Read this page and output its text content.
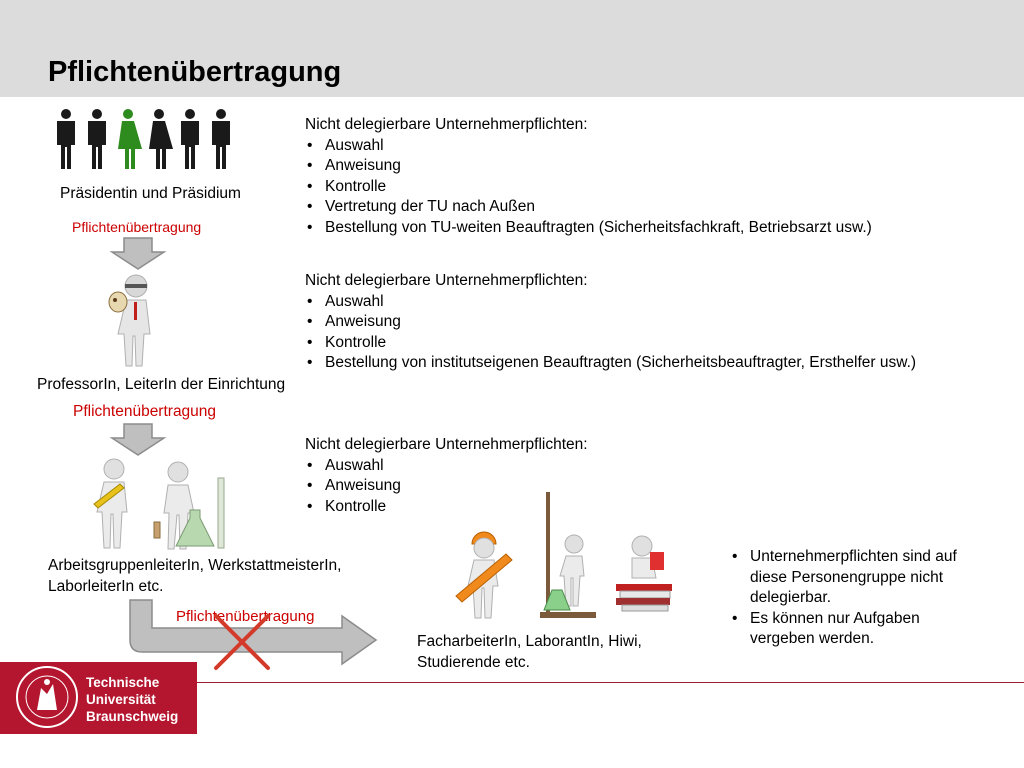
Pflichtenübertragung
Präsidentin und Präsidium
Pflichtenübertragung
Nicht delegierbare Unternehmerpflichten:
• Auswahl
• Anweisung
• Kontrolle
• Vertretung der TU nach Außen
• Bestellung von TU-weiten Beauftragten (Sicherheitsfachkraft, Betriebsarzt usw.)
Nicht delegierbare Unternehmerpflichten:
• Auswahl
• Anweisung
• Kontrolle
• Bestellung von institutseigenen Beauftragten (Sicherheitsbeauftragter, Ersthelfer usw.)
ProfessorIn, LeiterIn der Einrichtung
Pflichtenübertragung
Nicht delegierbare Unternehmerpflichten:
• Auswahl
• Anweisung
• Kontrolle
ArbeitsgruppenleiterIn, WerkstattmeisterIn,
LaborleiterIn etc.
Pflichtenübertragung
FacharbeiterIn, LaborantIn, Hiwi,
Studierende etc.
• Unternehmerpflichten sind auf diese Personengruppe nicht delegierbar.
• Es können nur Aufgaben vergeben werden.
Technische
Universität
Braunschweig
